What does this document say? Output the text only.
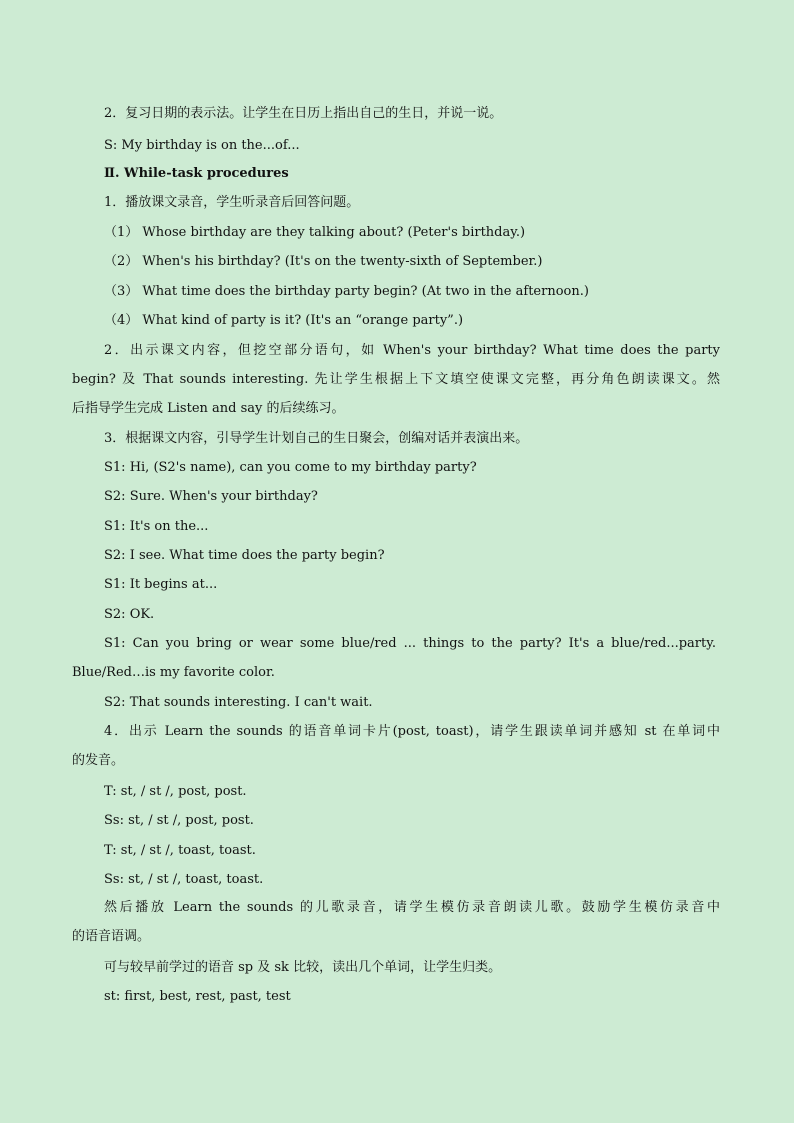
2．复习日期的表示法。让学生在日历上指出自己的生日，并说一说。
S: My birthday is on the...of...
Ⅱ. While-task procedures
1．播放课文录音，学生听录音后回答问题。
（1） Whose birthday are they talking about? (Peter's birthday.)
（2） When's his birthday? (It's on the twenty-sixth of September.)
（3） What time does the birthday party begin? (At two in the afternoon.)
（4） What kind of party is it? (It's an “orange party”.)
2．出示课文内容，但挖空部分语句，如 When's your birthday? What time does the party
begin? 及 That sounds interesting. 先让学生根据上下文填空使课文完整，再分角色朗读课文。然
后指导学生完成 Listen and say 的后续练习。
3．根据课文内容，引导学生计划自己的生日聚会，创编对话并表演出来。
S1: Hi, (S2's name), can you come to my birthday party?
S2: Sure. When's your birthday?
S1: It's on the...
S2: I see. What time does the party begin?
S1: It begins at...
S2: OK.
S1: Can you bring or wear some blue/red ... things to the party? It's a blue/red...party.
Blue/Red…is my favorite color.
S2: That sounds interesting. I can't wait.
4．出示 Learn the sounds 的语音单词卡片(post, toast)，请学生跟读单词并感知 st 在单词中
的发音。
T: st, / st /, post, post.
Ss: st, / st /, post, post.
T: st, / st /, toast, toast.
Ss: st, / st /, toast, toast.
然后播放 Learn the sounds 的儿歌录音，请学生模仿录音朗读儿歌。鼓励学生模仿录音中
的语音语调。
可与较早前学过的语音 sp 及 sk 比较，读出几个单词，让学生归类。
st: first, best, rest, past, test
